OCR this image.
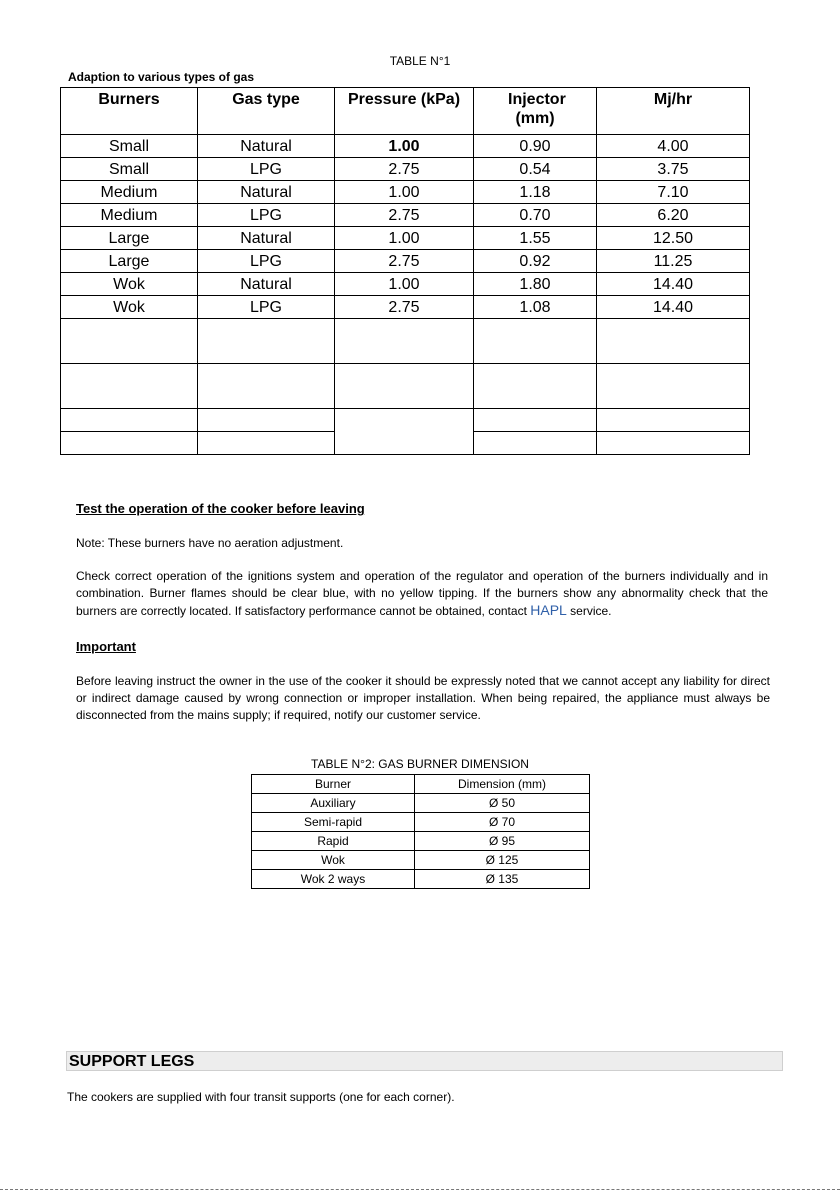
TABLE N°1
Adaption to various types of gas
Burners	Gas type	Pressure (kPa)	Injector (mm)	Mj/hr
Small	Natural	1.00	0.90	4.00
Small	LPG	2.75	0.54	3.75
Medium	Natural	1.00	1.18	7.10
Medium	LPG	2.75	0.70	6.20
Large	Natural	1.00	1.55	12.50
Large	LPG	2.75	0.92	11.25
Wok	Natural	1.00	1.80	14.40
Wok	LPG	2.75	1.08	14.40

Test the operation of the cooker before leaving
Note: These burners have no aeration adjustment.
Check correct operation of the ignitions system and operation of the regulator and operation of the burners individually and in combination. Burner flames should be clear blue, with no yellow tipping. If the burners show any abnormality check that the burners are correctly located. If satisfactory performance cannot be obtained, contact HAPL service.
Important
Before leaving instruct the owner in the use of the cooker it should be expressly noted that we cannot accept any liability for direct or indirect damage caused by wrong connection or improper installation. When being repaired, the appliance must always be disconnected from the mains supply; if required, notify our customer service.
TABLE N°2: GAS BURNER DIMENSION
Burner	Dimension (mm)
Auxiliary	Ø 50
Semi-rapid	Ø 70
Rapid	Ø 95
Wok	Ø 125
Wok 2 ways	Ø 135
SUPPORT LEGS
The cookers are supplied with four transit supports (one for each corner).
